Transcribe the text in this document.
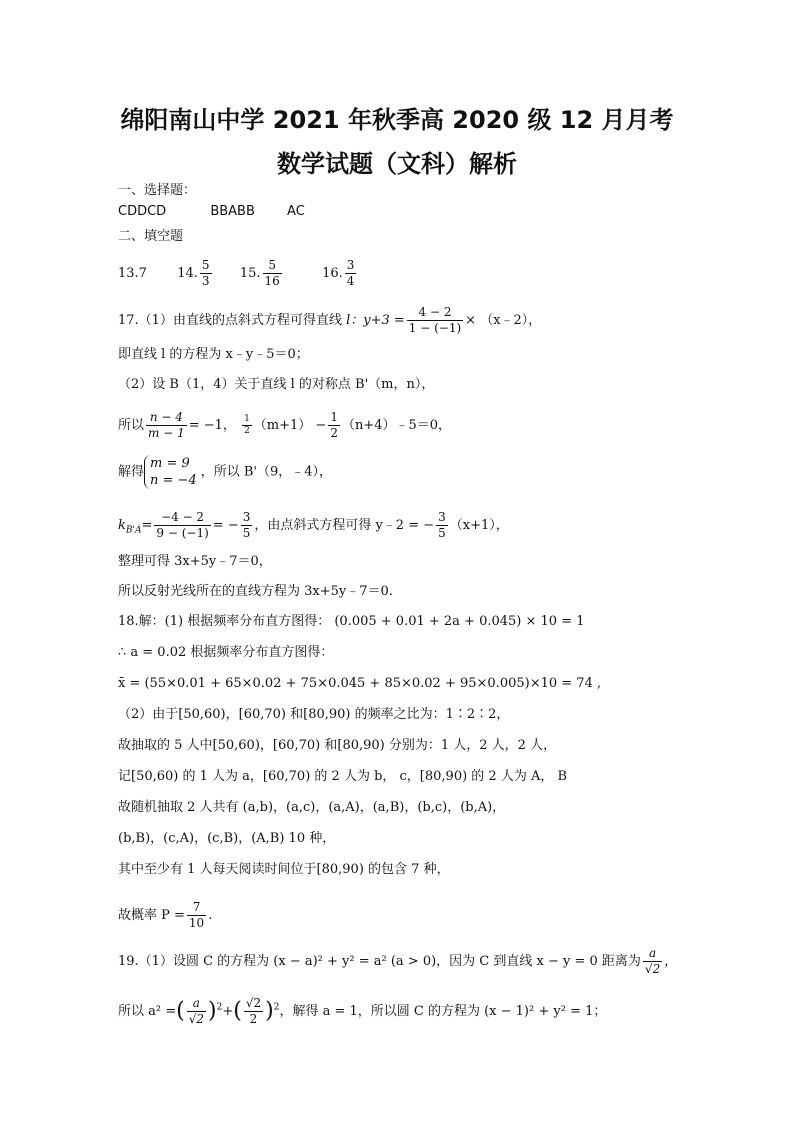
绵阳南山中学 2021 年秋季高 2020 级 12 月月考
数学试题（文科）解析
一、选择题：
CDDCD	BBABB AC
二、填空题
13.7 14. $\frac{5}{3} 15$. $\frac{5}{16}$	16. $\frac{3}{4}$
17.（1）由直线的点斜式方程可得直线 l：$y+3 = \frac{4 - 2}{1 - (-1)}$ × （x﹣2），
即直线 l 的方程为 x﹣y﹣5＝0；
（2）设 B（1，4）关于直线 l 的对称点 B'（m，n），
所以 $\frac{n - 4}{m - 1} = -1$， $\frac{1}{2} (m+1) - \frac{1}{2}$ （n+4）﹣5＝0，
解得
m = 9
n = −4
，所以 B'（9，﹣4），
$k_{B'A}= \frac{-4 - 2}{9 - (-1)}$ = − $\frac{3}{5}$ ，由点斜式方程可得 y﹣2 = − $\frac{3}{5} (x+1)$，
整理可得 3x+5y﹣7＝0，
所以反射光线所在的直线方程为 3x+5y﹣7＝0.
18.解：(1) 根据频率分布直方图得： (0.005 + 0.01 + 2a + 0.045) × 10 = 1
∴ a = 0.02 根据频率分布直方图得：
x̄ = (55×0.01 + 65×0.02 + 75×0.045 + 85×0.02 + 95×0.005)×10 = 74 ,
（2）由于[50,60)，[60,70) 和[80,90) 的频率之比为：1∶2∶2，
故抽取的 5 人中[50,60)，[60,70) 和[80,90) 分别为：1 人，2 人，2 人，
记[50,60) 的 1 人为 a，[60,70) 的 2 人为 b， c，[80,90) 的 2 人为 A， B
故随机抽取 2 人共有 (a,b)，(a,c)，(a,A)，(a,B)，(b,c)，(b,A)，
(b,B)，(c,A)，(c,B)，(A,B) 10 种，
其中至少有 1 人每天阅读时间位于[80,90) 的包含 7 种，
故概率 $P = \frac{7}{10}$ .
19.（1）设圆 C 的方程为 (x − a)² + y² = a² (a > 0)，因为 C 到直线 x − y = 0 距离为 $\frac{a}{√2}$ ，
所以 a² =( $\frac{a}{√2} )^2+( \frac{√2}{2} )^2$，解得 a = 1，所以圆 C 的方程为 (x − 1)² + y² = 1；
